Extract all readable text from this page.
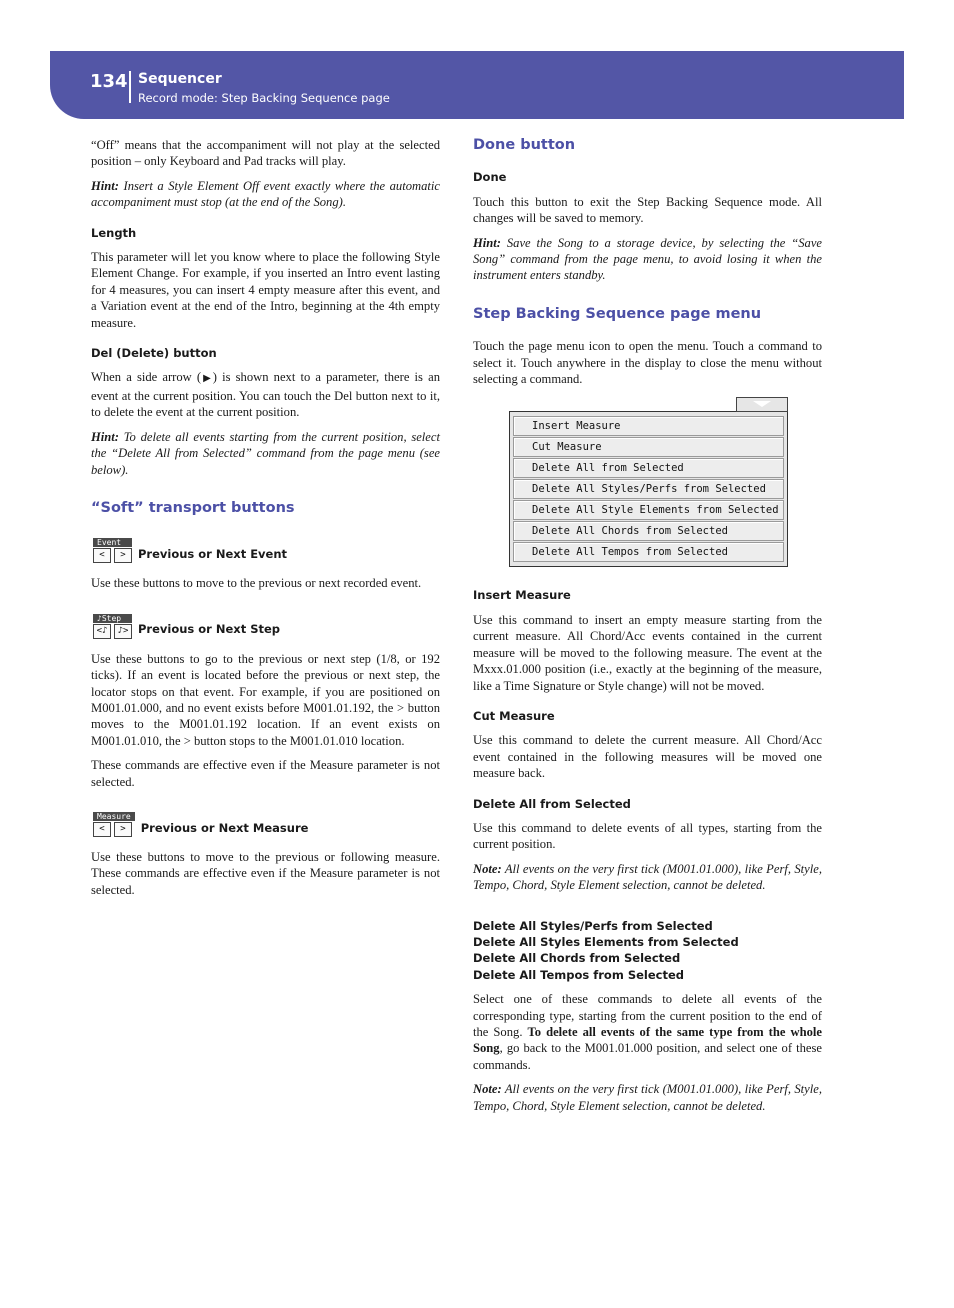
134 Sequencer
Record mode: Step Backing Sequence page

“Off” means that the accompaniment will not play at the selected position – only Keyboard and Pad tracks will play.

Hint: Insert a Style Element Off event exactly where the automatic accompaniment must stop (at the end of the Song).

Length

This parameter will let you know where to place the following Style Element Change. For example, if you inserted an Intro event lasting for 4 measures, you can insert 4 empty measure after this event, and a Variation event at the end of the Intro, beginning at the 4th empty measure.

Del (Delete) button

When a side arrow (▶) is shown next to a parameter, there is an event at the current position. You can touch the Del button next to it, to delete the event at the current position.

Hint: To delete all events starting from the current position, select the “Delete All from Selected” command from the page menu (see below).

“Soft” transport buttons
Event
<	>	Previous or Next Event

Use these buttons to move to the previous or next recorded event.

♪Step
<♪	♪> Previous or Next Step

Use these buttons to go to the previous or next step (1/8, or 192 ticks). If an event is located before the previous or next step, the locator stops on that event. For example, if you are positioned on M001.01.000, and no event exists before M001.01.192, the > button moves to the M001.01.192 location. If an event exists on M001.01.010, the > button stops to the M001.01.010 location.

These commands are effective even if the Measure parameter is not selected.

Measure
<	>	Previous or Next Measure

Use these buttons to move to the previous or following measure. These commands are effective even if the Measure parameter is not selected.

Done button
Done

Touch this button to exit the Step Backing Sequence mode. All changes will be saved to memory.

Hint: Save the Song to a storage device, by selecting the “Save Song” command from the page menu, to avoid losing it when the instrument enters standby.

Step Backing Sequence page menu

Touch the page menu icon to open the menu. Touch a command to select it. Touch anywhere in the display to close the menu without selecting a command.

Insert Measure
Cut Measure
Delete All from Selected
Delete All Styles/Perfs from Selected
Delete All Style Elements from Selected
Delete All Chords from Selected
Delete All Tempos from Selected
Insert Measure

Use this command to insert an empty measure starting from the current measure. All Chord/Acc events contained in the current measure will be moved to the following measure. The event at the Mxxx.01.000 position (i.e., exactly at the beginning of the measure, like a Time Signature or Style change) will not be moved.

Cut Measure

Use this command to delete the current measure. All Chord/Acc event contained in the following measures will be moved one measure back.

Delete All from Selected

Use this command to delete events of all types, starting from the current position.

Note: All events on the very first tick (M001.01.000), like Perf, Style, Tempo, Chord, Style Element selection, cannot be deleted.

Delete All Styles/Perfs from Selected
Delete All Styles Elements from Selected
Delete All Chords from Selected
Delete All Tempos from Selected

Select one of these commands to delete all events of the corresponding type, starting from the current position to the end of the Song. To delete all events of the same type from the whole Song, go back to the M001.01.000 position, and select one of these commands.

Note: All events on the very first tick (M001.01.000), like Perf, Style, Tempo, Chord, Style Element selection, cannot be deleted.
